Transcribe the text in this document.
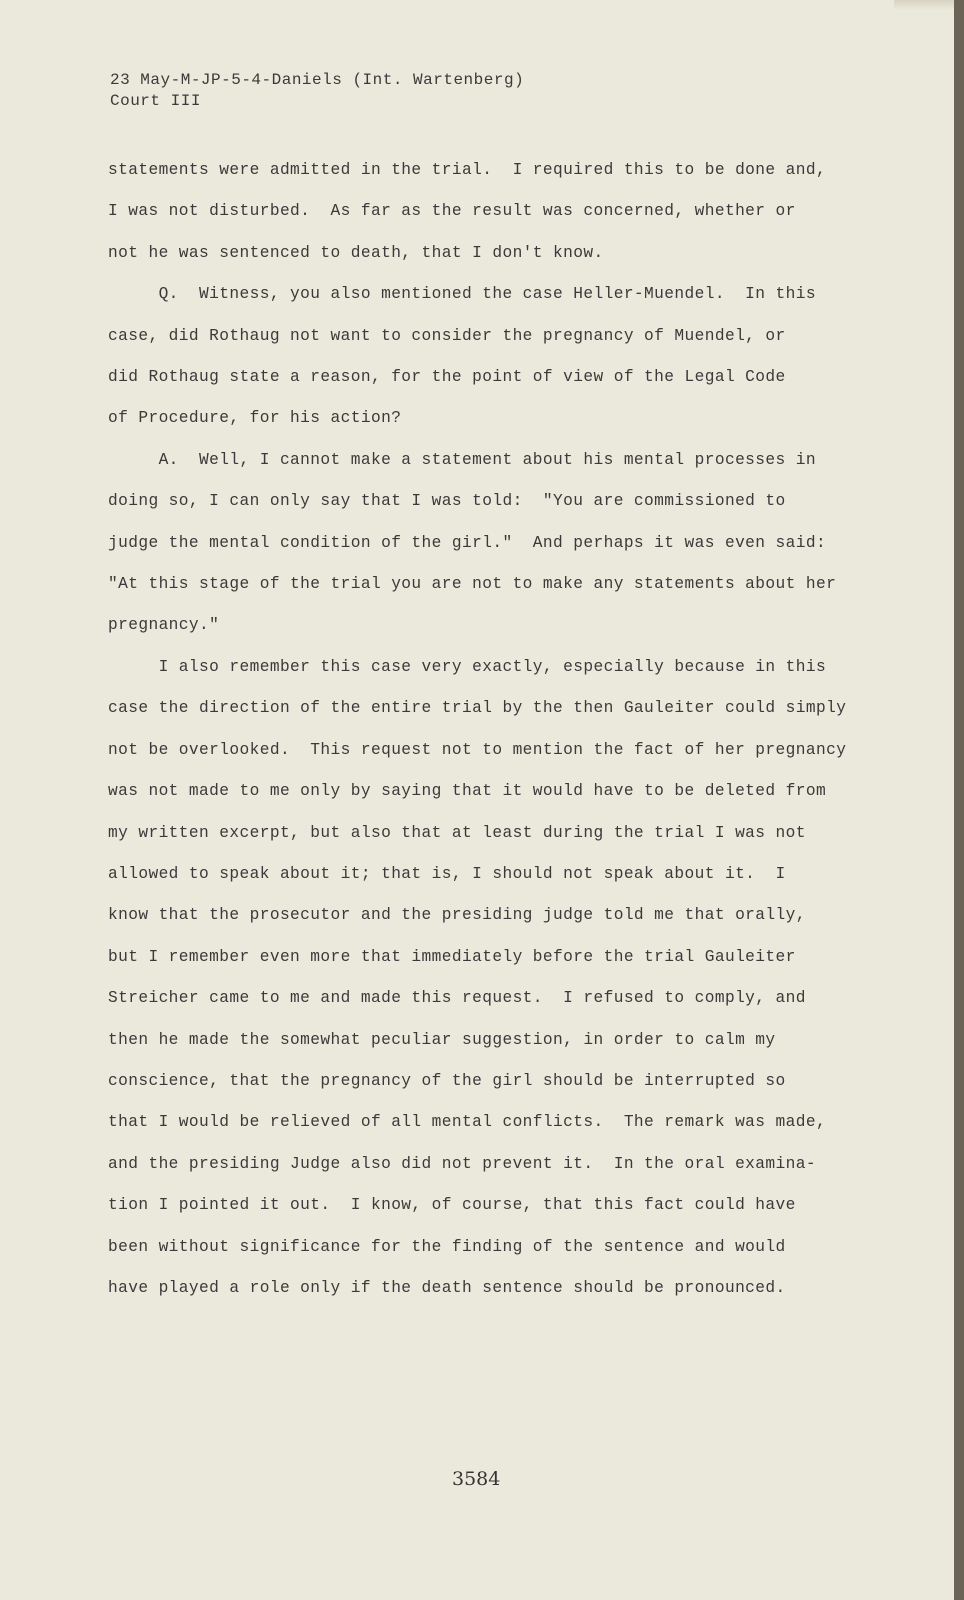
23 May-M-JP-5-4-Daniels (Int. Wartenberg)
Court III
statements were admitted in the trial.  I required this to be done and,
I was not disturbed.  As far as the result was concerned, whether or
not he was sentenced to death, that I don't know.
Q.  Witness, you also mentioned the case Heller-Muendel.  In this
case, did Rothaug not want to consider the pregnancy of Muendel, or
did Rothaug state a reason, for the point of view of the Legal Code
of Procedure, for his action?
A.  Well, I cannot make a statement about his mental processes in
doing so, I can only say that I was told:  "You are commissioned to
judge the mental condition of the girl."  And perhaps it was even said:
"At this stage of the trial you are not to make any statements about her
pregnancy."
I also remember this case very exactly, especially because in this
case the direction of the entire trial by the then Gauleiter could simply
not be overlooked.  This request not to mention the fact of her pregnancy
was not made to me only by saying that it would have to be deleted from
my written excerpt, but also that at least during the trial I was not
allowed to speak about it; that is, I should not speak about it.  I
know that the prosecutor and the presiding judge told me that orally,
but I remember even more that immediately before the trial Gauleiter
Streicher came to me and made this request.  I refused to comply, and
then he made the somewhat peculiar suggestion, in order to calm my
conscience, that the pregnancy of the girl should be interrupted so
that I would be relieved of all mental conflicts.  The remark was made,
and the presiding Judge also did not prevent it.  In the oral examina-
tion I pointed it out.  I know, of course, that this fact could have
been without significance for the finding of the sentence and would
have played a role only if the death sentence should be pronounced.
3584
